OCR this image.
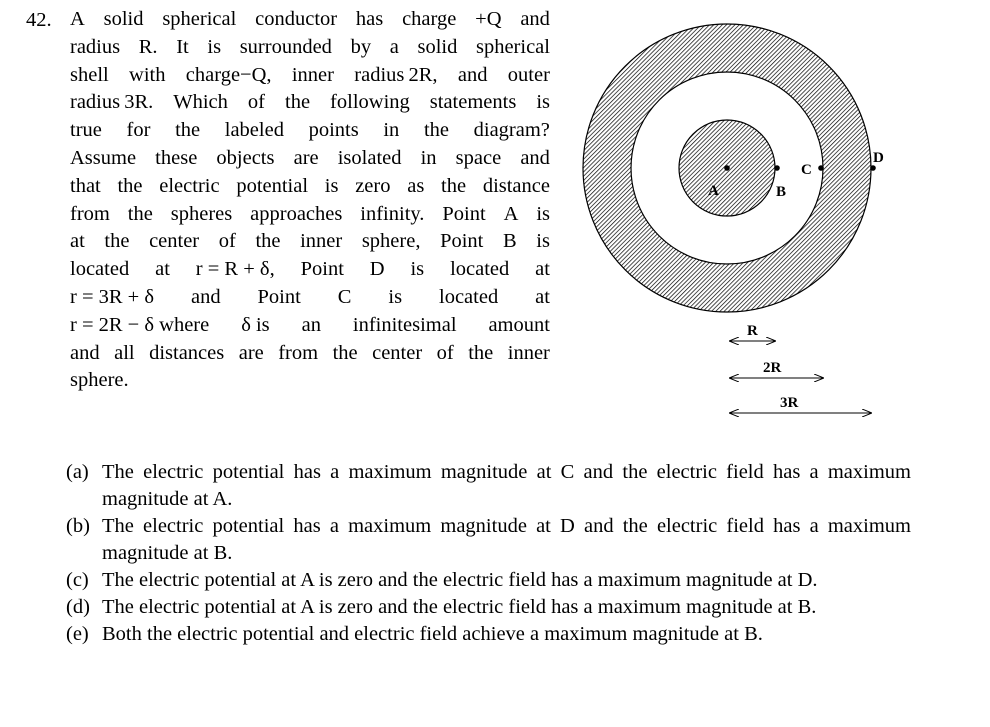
42. A solid spherical conductor has charge +Q and
radius R. It is surrounded by a solid spherical
shell with charge−Q, inner radius 2R, and outer
radius 3R. Which of the following statements is
true for the labeled points in the diagram?
Assume these objects are isolated in space and
that the electric potential is zero as the distance
from the spheres approaches infinity. Point A is
at the center of the inner sphere, Point B is
located at r = R + δ, Point D is located at
r = 3R + δ and Point C is located at
r = 2R − δ where δ is an infinitesimal amount
and all distances are from the center of the inner
sphere.
A	B
C
D
R
2R
3R
(a) The electric potential has a maximum magnitude at C and the electric field has a maximum magnitude at A.
(b) The electric potential has a maximum magnitude at D and the electric field has a maximum magnitude at B.
(c) The electric potential at A is zero and the electric field has a maximum magnitude at D.
(d) The electric potential at A is zero and the electric field has a maximum magnitude at B.
(e) Both the electric potential and electric field achieve a maximum magnitude at B.
